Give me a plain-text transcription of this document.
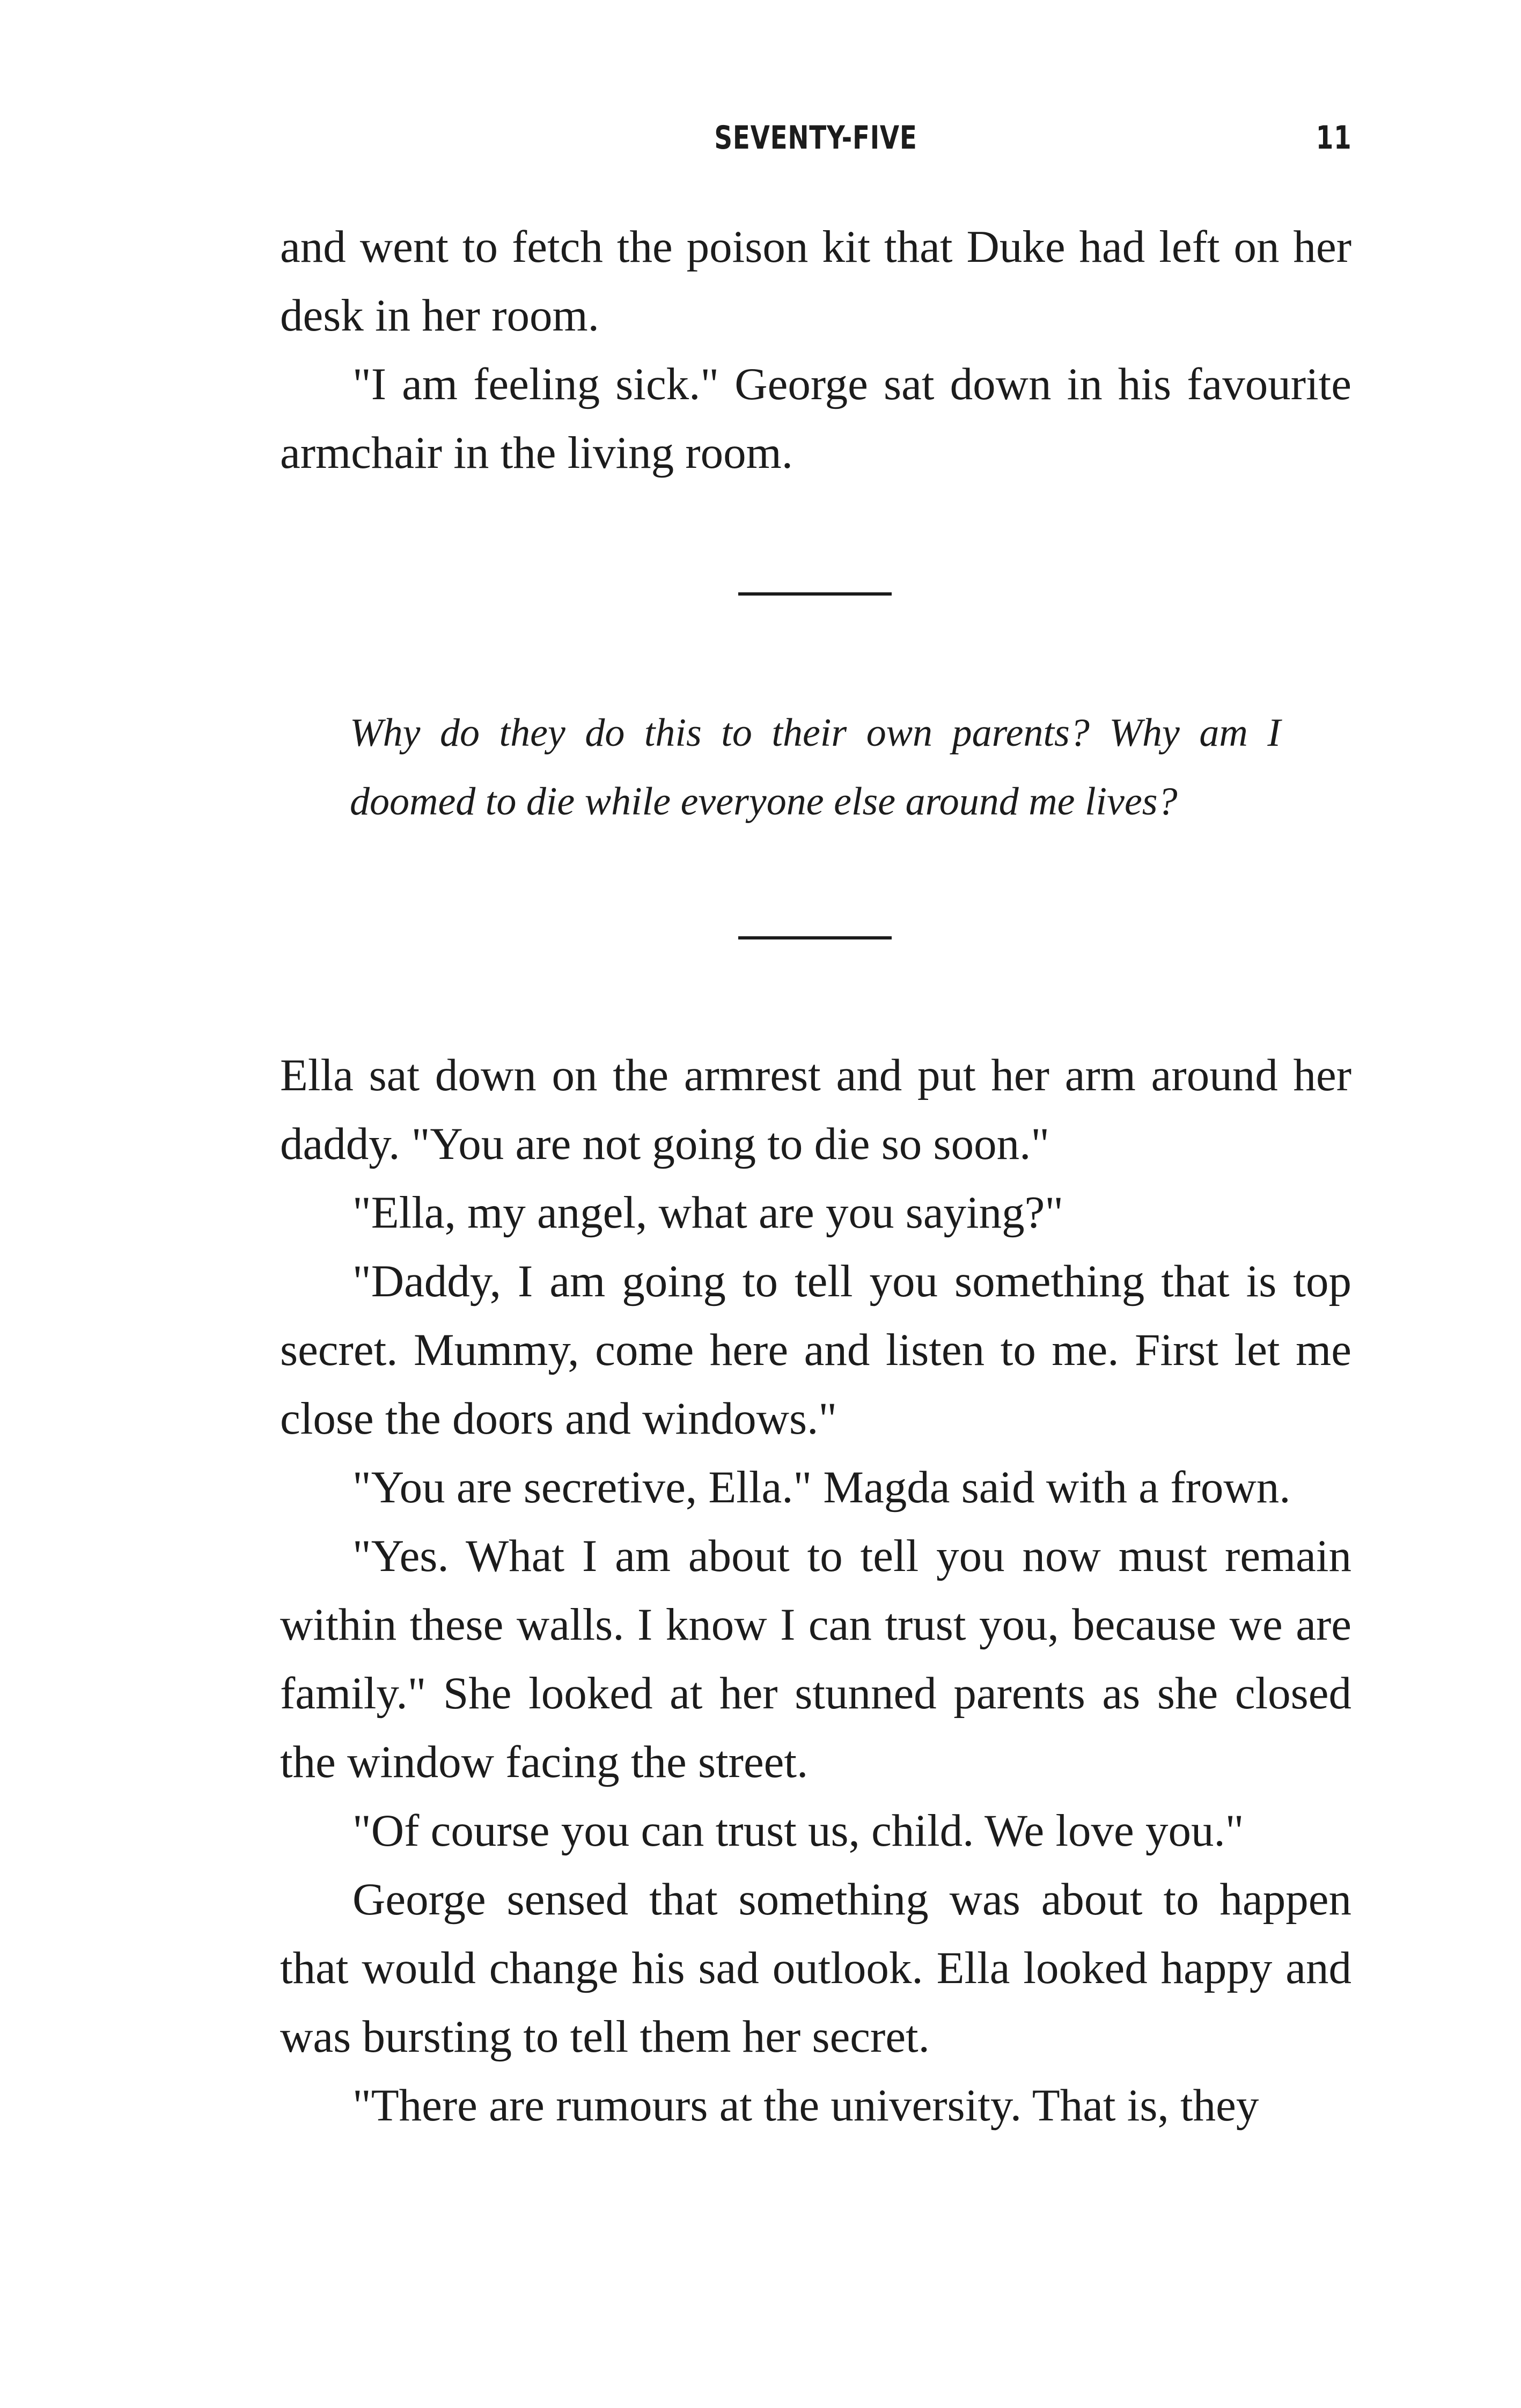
SEVENTY-FIVE	11

and went to fetch the poison kit that Duke had left on her desk in her room.

"I am feeling sick." George sat down in his favourite armchair in the living room.

Why do they do this to their own parents? Why am I doomed to die while everyone else around me lives?

Ella sat down on the armrest and put her arm around her daddy. "You are not going to die so soon."

"Ella, my angel, what are you saying?"

"Daddy, I am going to tell you something that is top secret. Mummy, come here and listen to me. First let me close the doors and windows."

"You are secretive, Ella." Magda said with a frown.

"Yes. What I am about to tell you now must remain within these walls. I know I can trust you, because we are family." She looked at her stunned parents as she closed the window facing the street.

"Of course you can trust us, child. We love you."

George sensed that something was about to happen that would change his sad outlook. Ella looked happy and was bursting to tell them her secret.

"There are rumours at the university. That is, they
